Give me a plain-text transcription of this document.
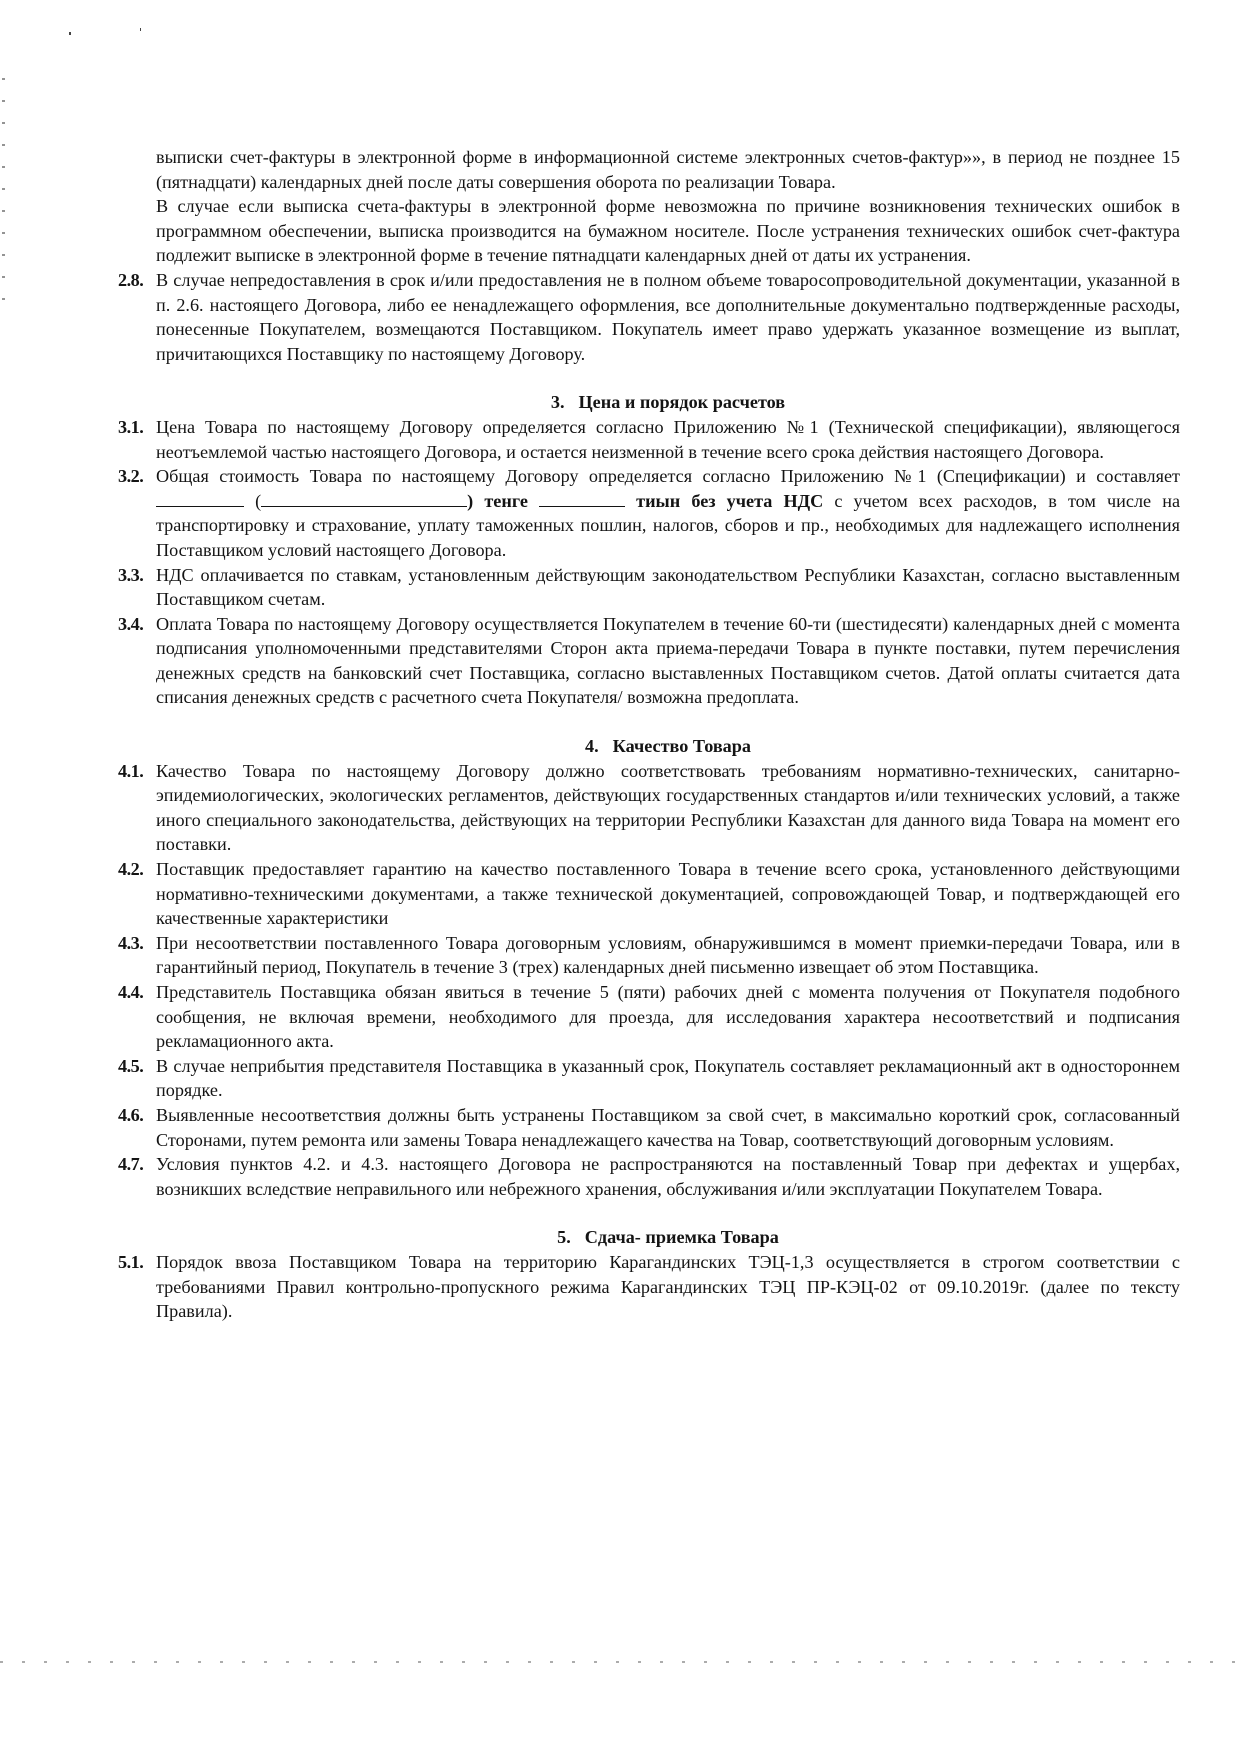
выписки счет-фактуры в электронной форме в информационной системе электронных счетов-фактур»», в период не позднее 15 (пятнадцати) календарных дней после даты совершения оборота по реализации Товара.

В случае если выписка счета-фактуры в электронной форме невозможна по причине возникновения технических ошибок в программном обеспечении, выписка производится на бумажном носителе. После устранения технических ошибок счет-фактура подлежит выписке в электронной форме в течение пятнадцати календарных дней от даты их устранения.

2.8. В случае непредоставления в срок и/или предоставления не в полном объеме товаросопроводительной документации, указанной в п. 2.6. настоящего Договора, либо ее ненадлежащего оформления, все дополнительные документально подтвержденные расходы, понесенные Покупателем, возмещаются Поставщиком. Покупатель имеет право удержать указанное возмещение из выплат, причитающихся Поставщику по настоящему Договору.
3. Цена и порядок расчетов
3.1. Цена Товара по настоящему Договору определяется согласно Приложению №1 (Технической спецификации), являющегося неотъемлемой частью настоящего Договора, и остается неизменной в течение всего срока действия настоящего Договора.
3.2. Общая стоимость Товара по настоящему Договору определяется согласно Приложению №1 (Спецификации) и составляет  (	) тенге	тиын без учета НДС с учетом всех расходов, в том числе на транспортировку и страхование, уплату таможенных пошлин, налогов, сборов и пр., необходимых для надлежащего исполнения Поставщиком условий настоящего Договора.
3.3. НДС оплачивается по ставкам, установленным действующим законодательством Республики Казахстан, согласно выставленным Поставщиком счетам.
3.4. Оплата Товара по настоящему Договору осуществляется Покупателем в течение 60-ти (шестидесяти) календарных дней с момента подписания уполномоченными представителями Сторон акта приема-передачи Товара в пункте поставки, путем перечисления денежных средств на банковский счет Поставщика, согласно выставленных Поставщиком счетов. Датой оплаты считается дата списания денежных средств с расчетного счета Покупателя/ возможна предоплата.
4. Качество Товара
4.1. Качество Товара по настоящему Договору должно соответствовать требованиям нормативно-технических, санитарно-эпидемиологических, экологических регламентов, действующих государственных стандартов и/или технических условий, а также иного специального законодательства, действующих на территории Республики Казахстан для данного вида Товара на момент его поставки.
4.2. Поставщик предоставляет гарантию на качество поставленного Товара в течение всего срока, установленного действующими нормативно-техническими документами, а также технической документацией, сопровождающей Товар, и подтверждающей его качественные характеристики
4.3. При несоответствии поставленного Товара договорным условиям, обнаружившимся в момент приемки-передачи Товара, или в гарантийный период, Покупатель в течение 3 (трех) календарных дней письменно извещает об этом Поставщика.
4.4. Представитель Поставщика обязан явиться в течение 5 (пяти) рабочих дней с момента получения от Покупателя подобного сообщения, не включая времени, необходимого для проезда, для исследования характера несоответствий и подписания рекламационного акта.
4.5. В случае неприбытия представителя Поставщика в указанный срок, Покупатель составляет рекламационный акт в одностороннем порядке.
4.6. Выявленные несоответствия должны быть устранены Поставщиком за свой счет, в максимально короткий срок, согласованный Сторонами, путем ремонта или замены Товара ненадлежащего качества на Товар, соответствующий договорным условиям.
4.7. Условия пунктов 4.2. и 4.3. настоящего Договора не распространяются на поставленный Товар при дефектах и ущербах, возникших вследствие неправильного или небрежного хранения, обслуживания и/или эксплуатации Покупателем Товара.
5. Сдача- приемка Товара
5.1. Порядок ввоза Поставщиком Товара на территорию Карагандинских ТЭЦ-1,3 осуществляется в строгом соответствии с требованиями Правил контрольно-пропускного режима Карагандинских ТЭЦ ПР-КЭЦ-02 от 09.10.2019г. (далее по тексту Правила).
